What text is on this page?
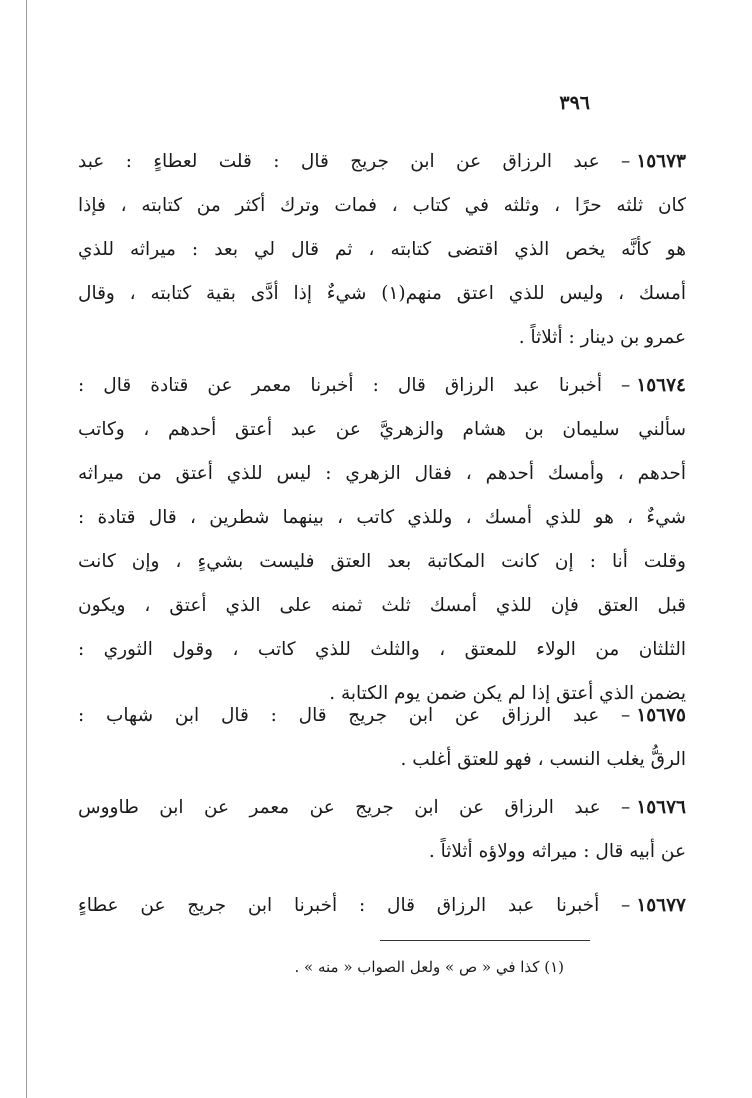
٣٩٦
١٥٦٧٣– عبد الرزاق عن ابن جريج قال : قلت لعطاءٍ : عبد
كان ثلثه حرًا ، وثلثه في كتاب ، فمات وترك أكثر من كتابته ، فإذا
هو كأنَّه يخص الذي اقتضى كتابته ، ثم قال لي بعد : ميراثه للذي
أمسك ، وليس للذي اعتق منهم(١) شيءٌ إذا أدَّى بقية كتابته ، وقال
عمرو بن دينار : أثلاثاً .
١٥٦٧٤– أخبرنا عبد الرزاق قال : أخبرنا معمر عن قتادة قال :
سألني سليمان بن هشام والزهريَّ عن عبد أعتق أحدهم ، وكاتب
أحدهم ، وأمسك أحدهم ، فقال الزهري : ليس للذي أعتق من ميراثه
شيءٌ ، هو للذي أمسك ، وللذي كاتب ، بينهما شطرين ، قال قتادة :
وقلت أنا : إن كانت المكاتبة بعد العتق فليست بشيءٍ ، وإن كانت
قبل العتق فإن للذي أمسك ثلث ثمنه على الذي أعتق ، ويكون
الثلثان من الولاء للمعتق ، والثلث للذي كاتب ، وقول الثوري :
يضمن الذي أعتق إذا لم يكن ضمن يوم الكتابة .
١٥٦٧٥– عبد الرزاق عن ابن جريج قال : قال ابن شهاب :
الرقُّ يغلب النسب ، فهو للعتق أغلب .
١٥٦٧٦– عبد الرزاق عن ابن جريج عن معمر عن ابن طاووس
عن أبيه قال : ميراثه وولاؤه أثلاثاً .
١٥٦٧٧– أخبرنا عبد الرزاق قال : أخبرنا ابن جريج عن عطاءٍ
(١) كذا في « ص » ولعل الصواب « منه » .
